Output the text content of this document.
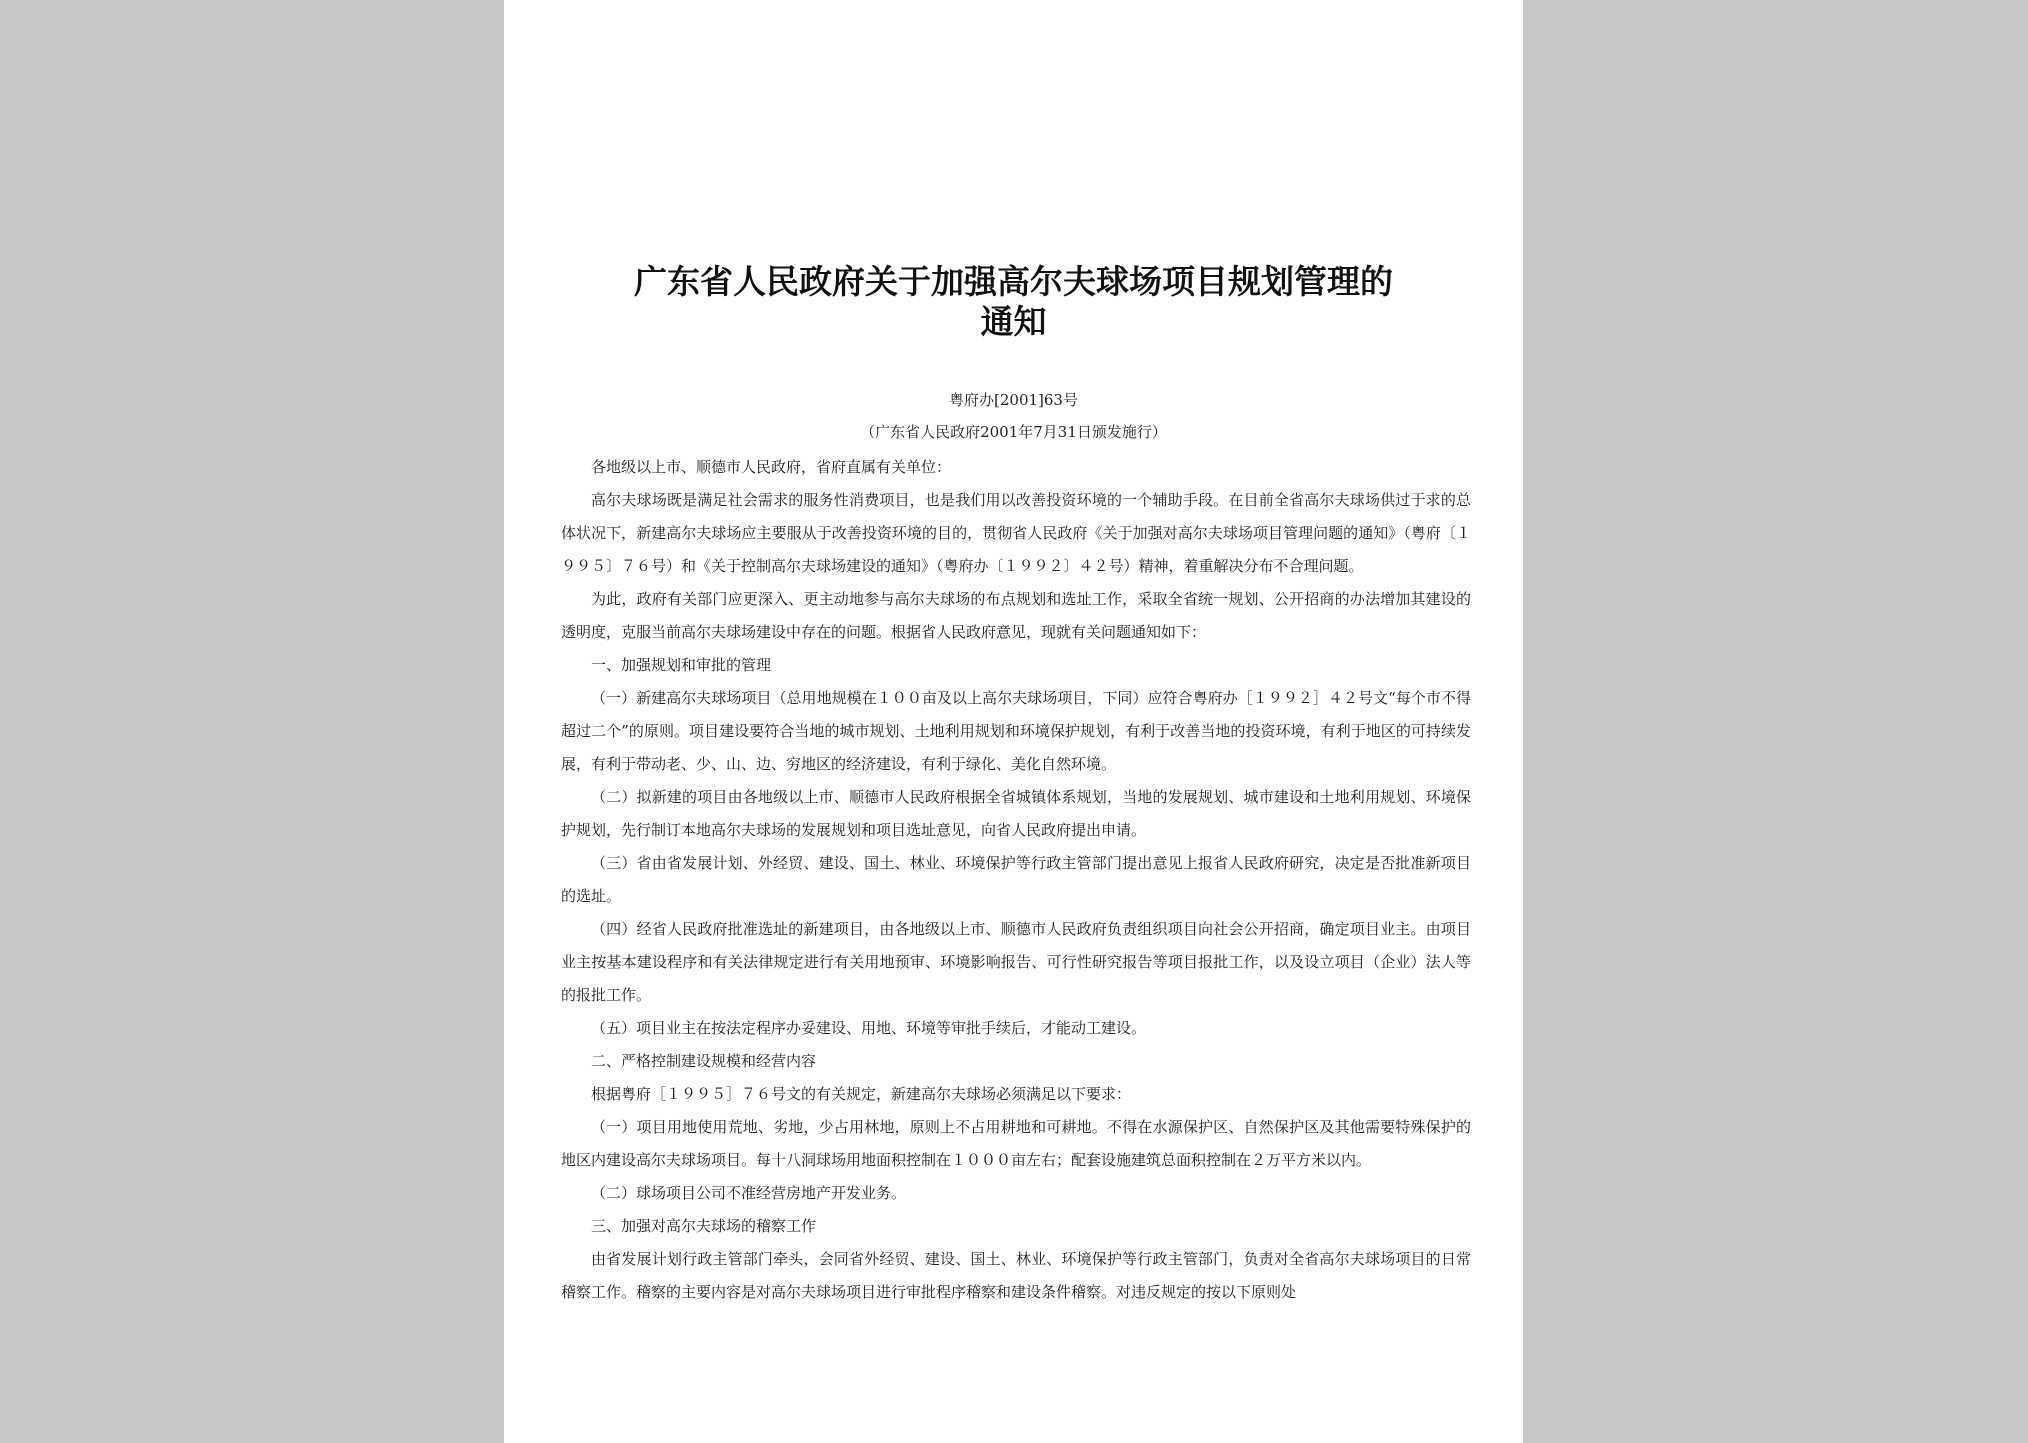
广东省人民政府关于加强高尔夫球场项目规划管理的
通知
粤府办[2001]63号
（广东省人民政府2001年7月31日颁发施行）

各地级以上市、顺德市人民政府，省府直属有关单位：

高尔夫球场既是满足社会需求的服务性消费项目，也是我们用以改善投资环境的一个辅助手段。在目前全省高尔夫球场供过于求的总体状况下，新建高尔夫球场应主要服从于改善投资环境的目的，贯彻省人民政府《关于加强对高尔夫球场项目管理问题的通知》（粤府〔１９９５〕７６号）和《关于控制高尔夫球场建设的通知》（粤府办〔１９９２〕４２号）精神，着重解决分布不合理问题。

为此，政府有关部门应更深入、更主动地参与高尔夫球场的布点规划和选址工作，采取全省统一规划、公开招商的办法增加其建设的透明度，克服当前高尔夫球场建设中存在的问题。根据省人民政府意见，现就有关问题通知如下：

一、加强规划和审批的管理

（一）新建高尔夫球场项目（总用地规模在１００亩及以上高尔夫球场项目，下同）应符合粤府办［１９９２］４２号文“每个市不得超过二个”的原则。项目建设要符合当地的城市规划、土地利用规划和环境保护规划，有利于改善当地的投资环境，有利于地区的可持续发展，有利于带动老、少、山、边、穷地区的经济建设，有利于绿化、美化自然环境。

（二）拟新建的项目由各地级以上市、顺德市人民政府根据全省城镇体系规划，当地的发展规划、城市建设和土地利用规划、环境保护规划，先行制订本地高尔夫球场的发展规划和项目选址意见，向省人民政府提出申请。

（三）省由省发展计划、外经贸、建设、国土、林业、环境保护等行政主管部门提出意见上报省人民政府研究，决定是否批准新项目的选址。

（四）经省人民政府批准选址的新建项目，由各地级以上市、顺德市人民政府负责组织项目向社会公开招商，确定项目业主。由项目业主按基本建设程序和有关法律规定进行有关用地预审、环境影响报告、可行性研究报告等项目报批工作，以及设立项目（企业）法人等的报批工作。

（五）项目业主在按法定程序办妥建设、用地、环境等审批手续后，才能动工建设。

二、严格控制建设规模和经营内容

根据粤府［１９９５］７６号文的有关规定，新建高尔夫球场必须满足以下要求：

（一）项目用地使用荒地、劣地，少占用林地，原则上不占用耕地和可耕地。不得在水源保护区、自然保护区及其他需要特殊保护的地区内建设高尔夫球场项目。每十八洞球场用地面积控制在１０００亩左右；配套设施建筑总面积控制在２万平方米以内。

（二）球场项目公司不准经营房地产开发业务。

三、加强对高尔夫球场的稽察工作

由省发展计划行政主管部门牵头，会同省外经贸、建设、国土、林业、环境保护等行政主管部门，负责对全省高尔夫球场项目的日常稽察工作。稽察的主要内容是对高尔夫球场项目进行审批程序稽察和建设条件稽察。对违反规定的按以下原则处
